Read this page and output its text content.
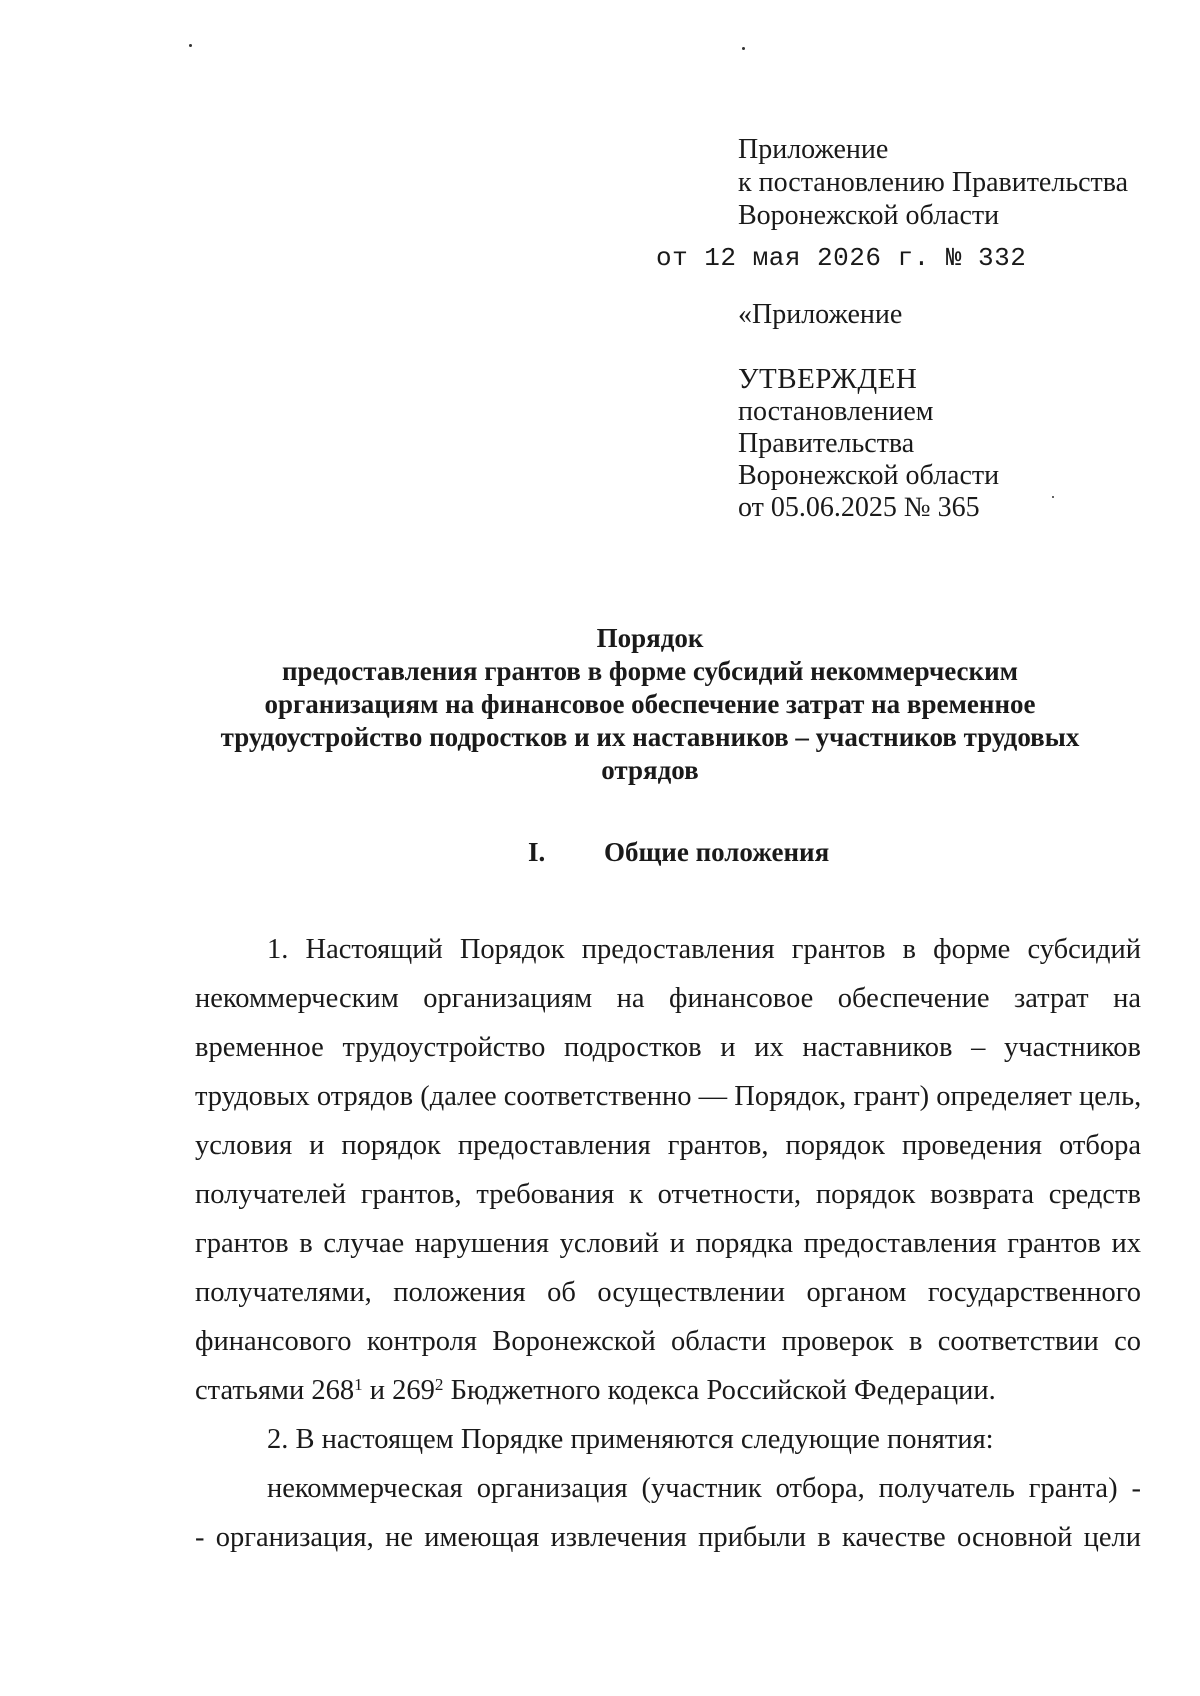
Приложение
к постановлению Правительства
Воронежской области
от 12 мая 2026 г. № 332
«Приложение
УТВЕРЖДЕН
постановлением
Правительства
Воронежской области
от 05.06.2025 № 365
Порядок
предоставления грантов в форме субсидий некоммерческим
организациям на финансовое обеспечение затрат на временное
трудоустройство подростков и их наставников – участников трудовых
отрядов
I. Общие положения
1. Настоящий Порядок предоставления грантов в форме субсидий
некоммерческим организациям на финансовое обеспечение затрат на
временное трудоустройство подростков и их наставников – участников
трудовых отрядов (далее соответственно — Порядок, грант) определяет цель,
условия и порядок предоставления грантов, порядок проведения отбора
получателей грантов, требования к отчетности, порядок возврата средств
грантов в случае нарушения условий и порядка предоставления грантов их
получателями, положения об осуществлении органом государственного
финансового контроля Воронежской области проверок в соответствии со
статьями $268^1$ и $269^2$ Бюджетного кодекса Российской Федерации.
2. В настоящем Порядке применяются следующие понятия:
некоммерческая организация (участник отбора, получатель гранта) -
- организация, не имеющая извлечения прибыли в качестве основной цели
